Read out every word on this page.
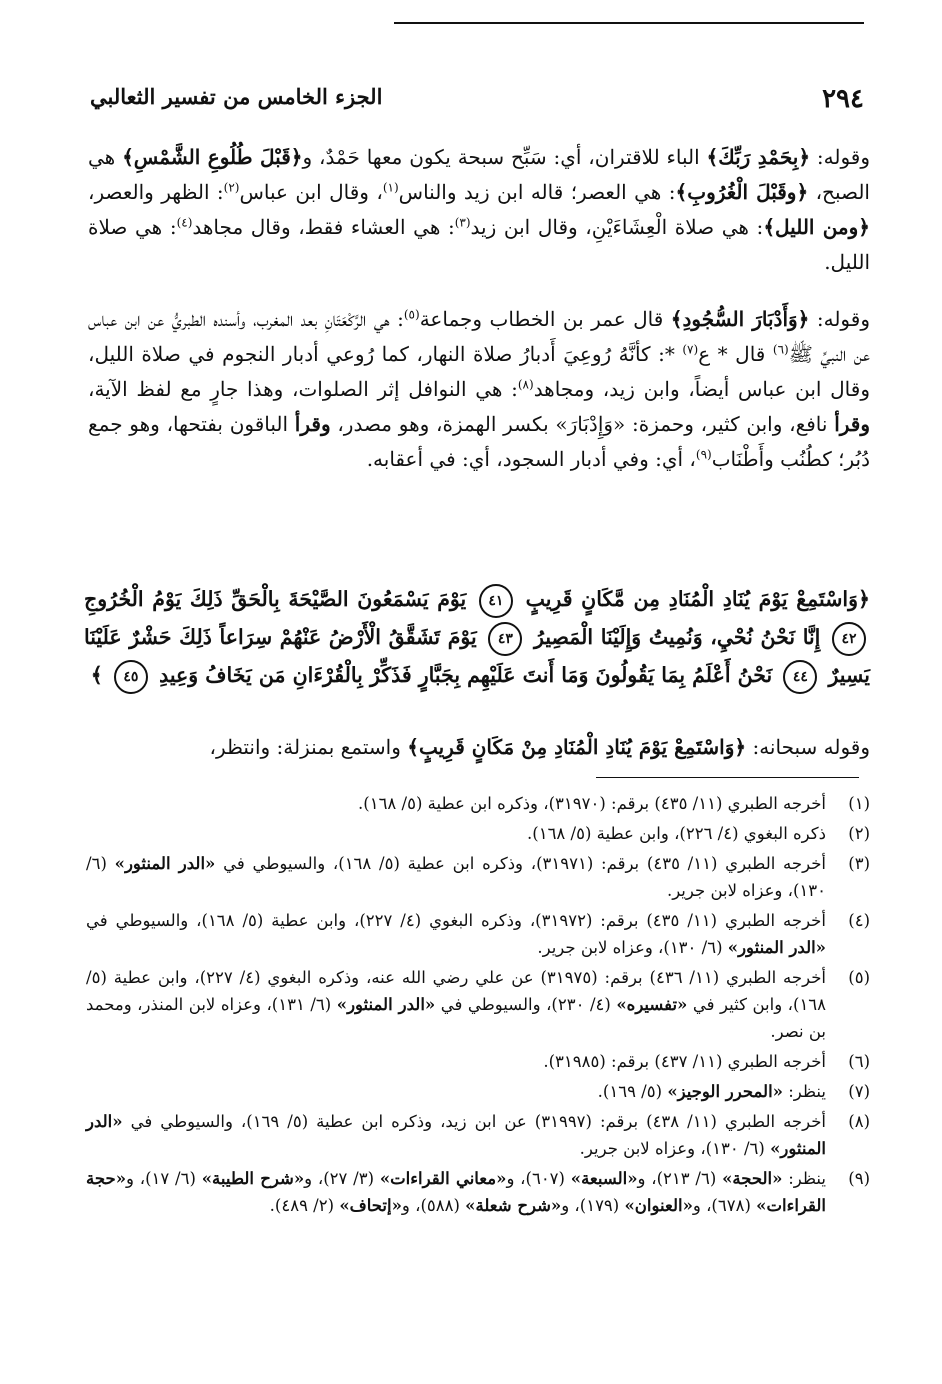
٢٩٤
الجزء الخامس من تفسير الثعالبي

وقوله: ﴿بِحَمْدِ رَبِّكَ﴾ الباء للاقتران، أي: سَبِّح سبحة يكون معها حَمْدٌ، و﴿قَبْلَ طُلُوعِ الشَّمْسِ﴾ هي الصبح، ﴿وقَبْلَ الْغُرُوبِ﴾: هي العصر؛ قاله ابن زيد والناس$^{(١)}$، وقال ابن عباس$^{(٢)}$: الظهر والعصر، ﴿ومن الليل﴾: هي صلاة الْعِشَاءَيْنِ، وقال ابن زيد$^{(٣)}$: هي العشاء فقط، وقال مجاهد$^{(٤)}$: هي صلاة الليل.

وقوله: ﴿وَأَدْبَارَ السُّجُودِ﴾ قال عمر بن الخطاب وجماعة$^{(٥)}$: هي الرَّكْعَتَانِ بعد المغرب، وأسنده الطبريُّ عن ابن عباس عن النبيِّ ﷺ$^{(٦)}$ قال * ع$^{(٧)}$ *: كأنَّهُ رُوعِيَ أَدبارُ صلاة النهار، كما رُوعي أدبار النجوم في صلاة الليل، وقال ابن عباس أيضاً، وابن زيد، ومجاهد$^{(٨)}$: هي النوافل إثر الصلوات، وهذا جارٍ مع لفظ الآية، وقرأ نافع، وابن كثير، وحمزة: «وَإِدْبَارَ» بكسر الهمزة، وهو مصدر، وقرأ الباقون بفتحها، وهو جمع دُبُر؛ كطُنُب وأَطْنَاب$^{(٩)}$، أي: وفي أدبار السجود، أي: في أعقابه.

﴿وَاسْتَمِعْ يَوْمَ يُنَادِ الْمُنَادِ مِن مَّكَانٍ قَرِيبٍ ٤١ يَوْمَ يَسْمَعُونَ الصَّيْحَةَ بِالْحَقِّ ذَلِكَ يَوْمُ الْخُرُوجِ ٤٢ إِنَّا نَحْنُ نُحْيِ، وَنُمِيتُ وَإِلَيْنَا الْمَصِيرُ ٤٣ يَوْمَ تَشَقَّقُ الْأَرْضُ عَنْهُمْ سِرَاعاً ذَلِكَ حَشْرٌ عَلَيْنَا يَسِيرٌ ٤٤ نَحْنُ أَعْلَمُ بِمَا يَقُولُونَ وَمَا أَنتَ عَلَيْهِم بِجَبَّارٍ فَذَكِّرْ بِالْقُرْءَانِ مَن يَخَافُ وَعِيدِ ٤٥ ﴾
وقوله سبحانه: ﴿وَاسْتَمِعْ يَوْمَ يُنَادِ الْمُنَادِ مِنْ مَكَانٍ قَرِيبٍ﴾ واستمع بمنزلة: وانتظر،
(١)
أخرجه الطبري (١١/ ٤٣٥) برقم: (٣١٩٧٠)، وذكره ابن عطية (٥/ ١٦٨).
(٢)
ذكره البغوي (٤/ ٢٢٦)، وابن عطية (٥/ ١٦٨).
(٣)
أخرجه الطبري (١١/ ٤٣٥) برقم: (٣١٩٧١)، وذكره ابن عطية (٥/ ١٦٨)، والسيوطي في «الدر المنثور» (٦/ ١٣٠)، وعزاه لابن جرير.
(٤)
أخرجه الطبري (١١/ ٤٣٥) برقم: (٣١٩٧٢)، وذكره البغوي (٤/ ٢٢٧)، وابن عطية (٥/ ١٦٨)، والسيوطي في «الدر المنثور» (٦/ ١٣٠)، وعزاه لابن جرير.
(٥)
أخرجه الطبري (١١/ ٤٣٦) برقم: (٣١٩٧٥) عن علي رضي الله عنه، وذكره البغوي (٤/ ٢٢٧)، وابن عطية (٥/ ١٦٨)، وابن كثير في «تفسيره» (٤/ ٢٣٠)، والسيوطي في «الدر المنثور» (٦/ ١٣١)، وعزاه لابن المنذر، ومحمد بن نصر.
(٦)
أخرجه الطبري (١١/ ٤٣٧) برقم: (٣١٩٨٥).
(٧)
ينظر: «المحرر الوجيز» (٥/ ١٦٩).
(٨)
أخرجه الطبري (١١/ ٤٣٨) برقم: (٣١٩٩٧) عن ابن زيد، وذكره ابن عطية (٥/ ١٦٩)، والسيوطي في «الدر المنثور» (٦/ ١٣٠)، وعزاه لابن جرير.
(٩)
ينظر: «الحجة» (٦/ ٢١٣)، و«السبعة» (٦٠٧)، و«معاني القراءات» (٣/ ٢٧)، و«شرح الطيبة» (٦/ ١٧)، و«حجة القراءات» (٦٧٨)، و«العنوان» (١٧٩)، و«شرح شعلة» (٥٨٨)، و«إتحاف» (٢/ ٤٨٩).
